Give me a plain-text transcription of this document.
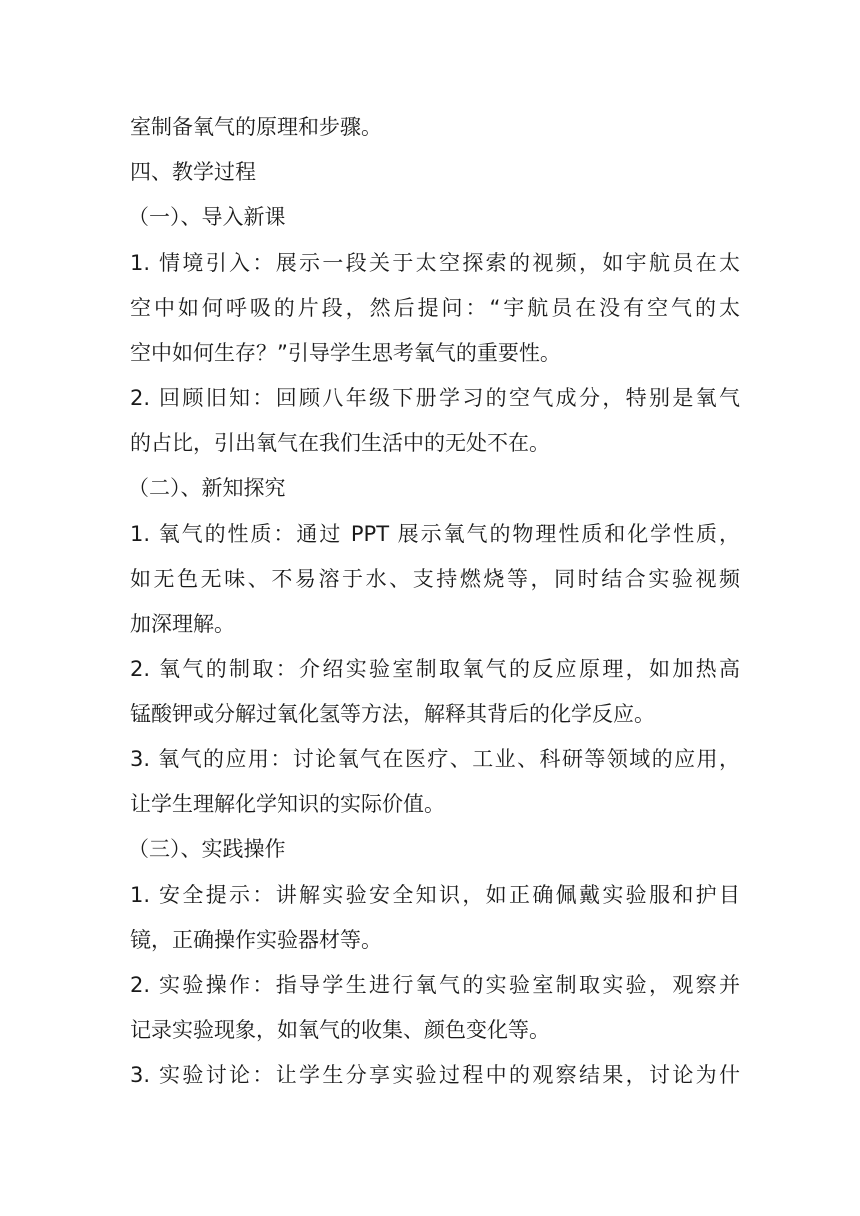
室制备氧气的原理和步骤。
四、教学过程
（一）、导入新课
1. 情境引入：展示一段关于太空探索的视频，如宇航员在太
空中如何呼吸的片段，然后提问：“宇航员在没有空气的太
空中如何生存？”引导学生思考氧气的重要性。
2. 回顾旧知：回顾八年级下册学习的空气成分，特别是氧气
的占比，引出氧气在我们生活中的无处不在。
（二）、新知探究
1. 氧气的性质：通过 PPT 展示氧气的物理性质和化学性质，
如无色无味、不易溶于水、支持燃烧等，同时结合实验视频
加深理解。
2. 氧气的制取：介绍实验室制取氧气的反应原理，如加热高
锰酸钾或分解过氧化氢等方法，解释其背后的化学反应。
3. 氧气的应用：讨论氧气在医疗、工业、科研等领域的应用，
让学生理解化学知识的实际价值。
（三）、实践操作
1. 安全提示：讲解实验安全知识，如正确佩戴实验服和护目
镜，正确操作实验器材等。
2. 实验操作：指导学生进行氧气的实验室制取实验，观察并
记录实验现象，如氧气的收集、颜色变化等。
3. 实验讨论：让学生分享实验过程中的观察结果，讨论为什
